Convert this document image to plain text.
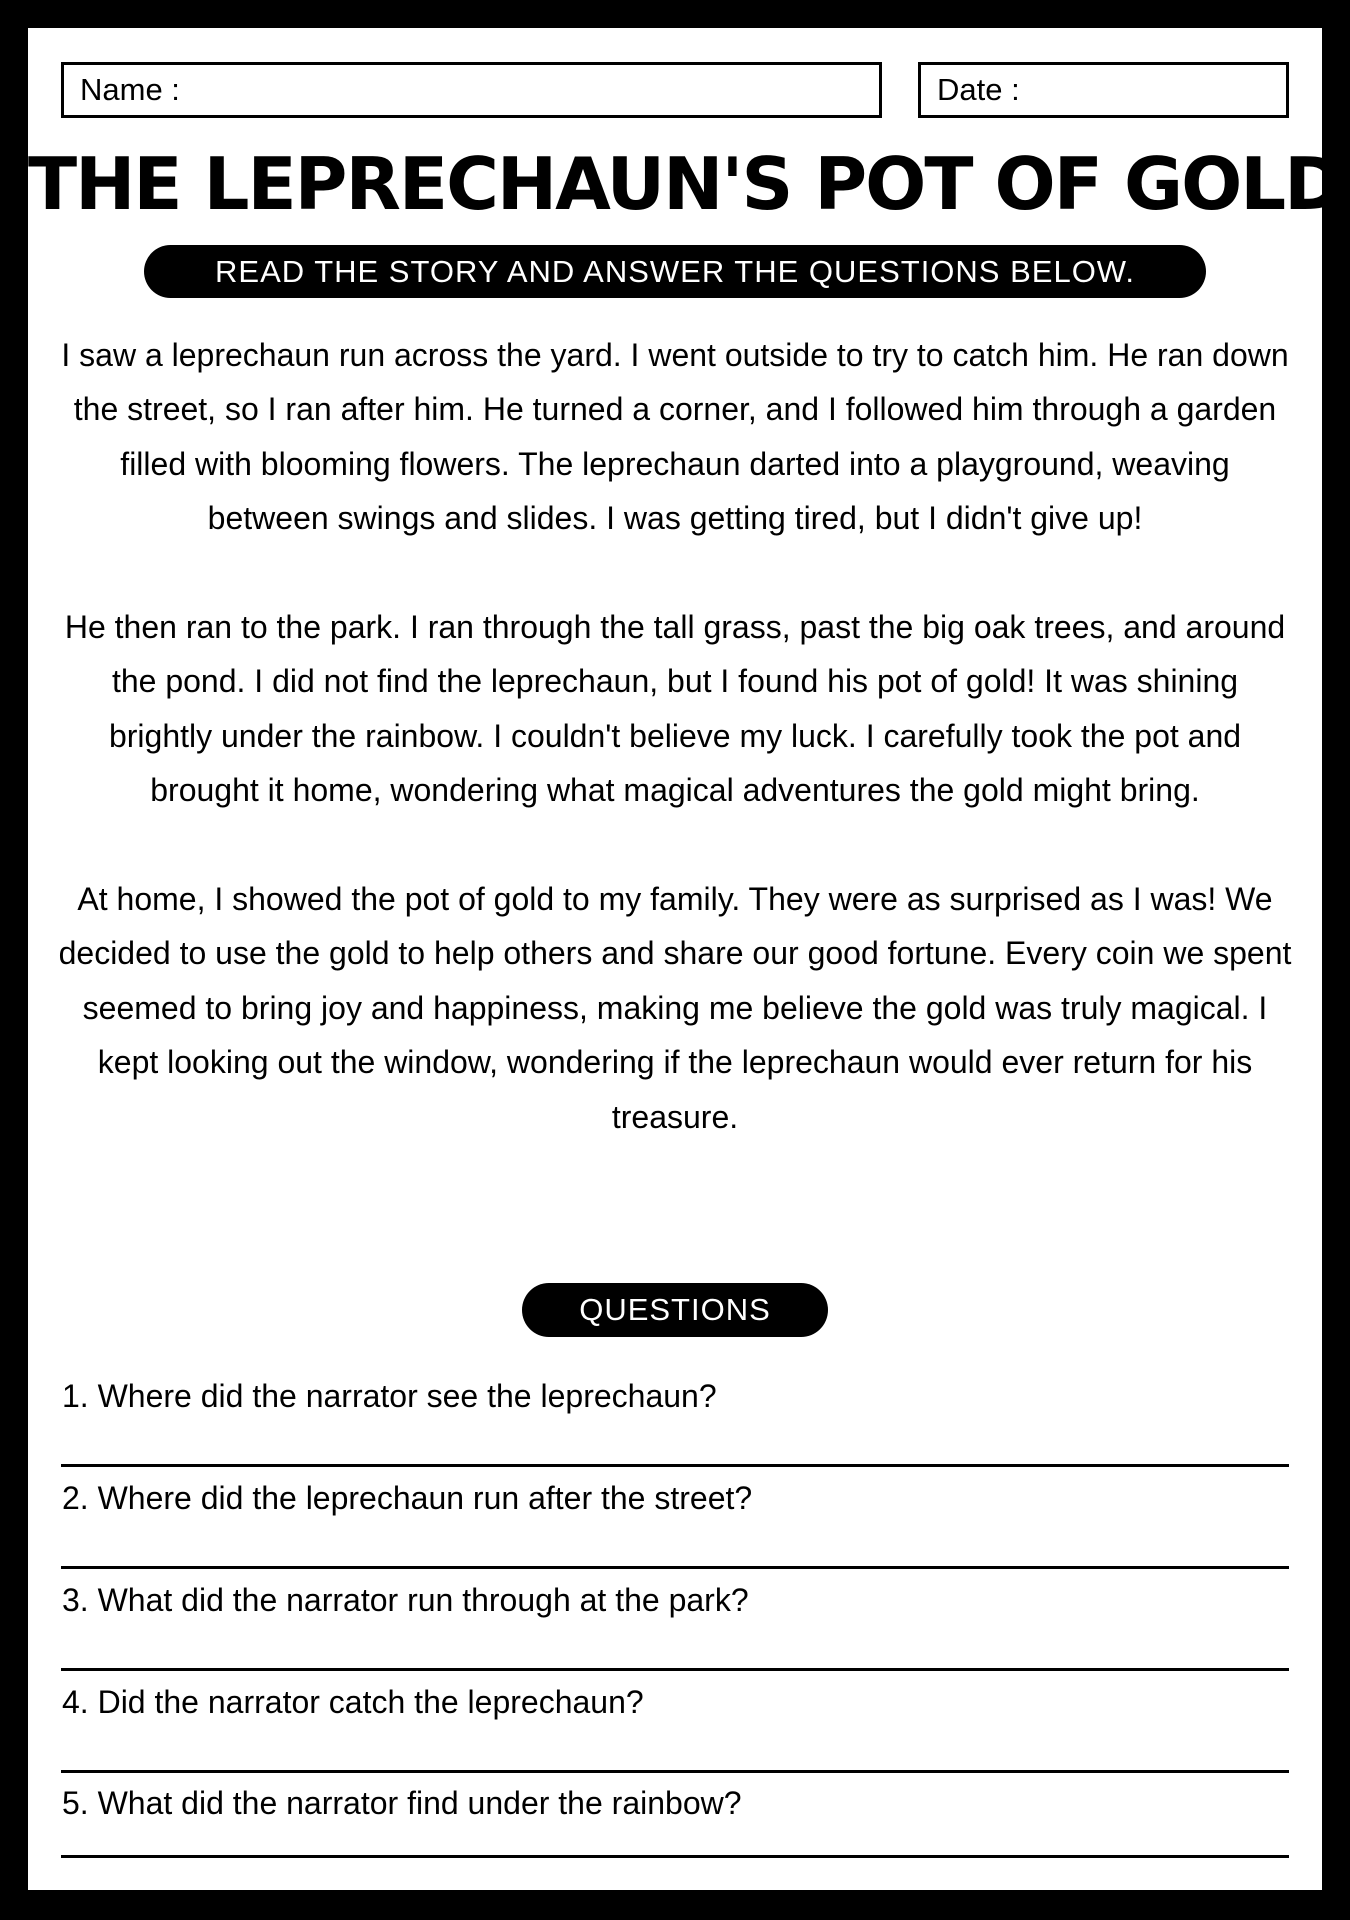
Name :	Date :
THE LEPRECHAUN'S POT OF GOLD
READ THE STORY AND ANSWER THE QUESTIONS BELOW.

I saw a leprechaun run across the yard. I went outside to try to catch him. He ran down the street, so I ran after him. He turned a corner, and I followed him through a garden filled with blooming flowers. The leprechaun darted into a playground, weaving between swings and slides. I was getting tired, but I didn't give up!

He then ran to the park. I ran through the tall grass, past the big oak trees, and around the pond. I did not find the leprechaun, but I found his pot of gold! It was shining brightly under the rainbow. I couldn't believe my luck. I carefully took the pot and brought it home, wondering what magical adventures the gold might bring.

At home, I showed the pot of gold to my family. They were as surprised as I was! We decided to use the gold to help others and share our good fortune. Every coin we spent seemed to bring joy and happiness, making me believe the gold was truly magical. I kept looking out the window, wondering if the leprechaun would ever return for his treasure.

QUESTIONS
1. Where did the narrator see the leprechaun?
2. Where did the leprechaun run after the street?
3. What did the narrator run through at the park?
4. Did the narrator catch the leprechaun?
5. What did the narrator find under the rainbow?
